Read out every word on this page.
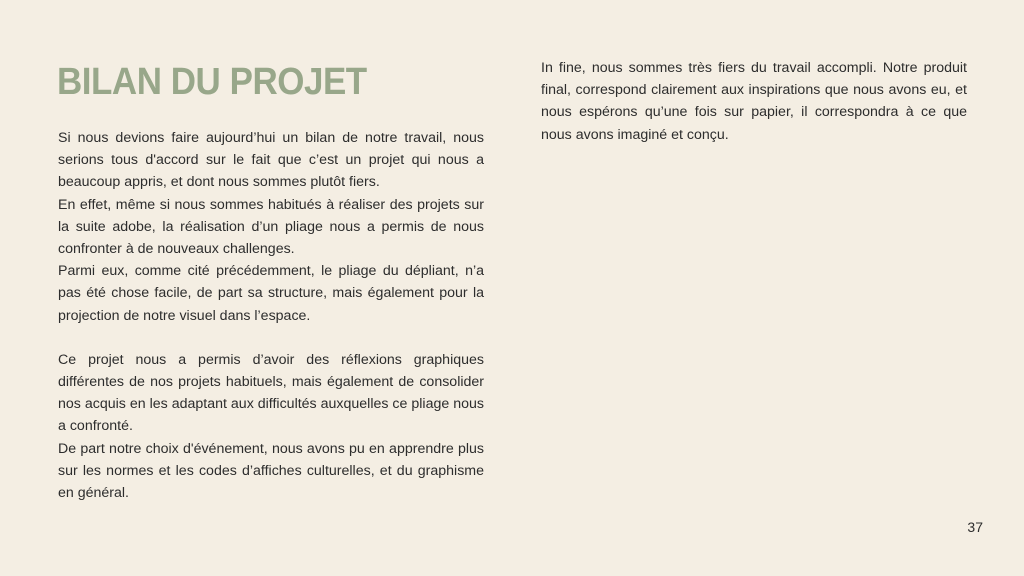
BILAN DU PROJET

Si nous devions faire aujourd’hui un bilan de notre travail, nous serions tous d'accord sur le fait que c’est un projet qui nous a beaucoup appris, et dont nous sommes plutôt fiers.

En effet, même si nous sommes habitués à réaliser des projets sur la suite adobe, la réalisation d’un pliage nous a permis de nous confronter à de nouveaux challenges.

Parmi eux, comme cité précédemment, le pliage du dépliant, n’a pas été chose facile, de part sa structure, mais également pour la projection de notre visuel dans l’espace.

Ce projet nous a permis d’avoir des réflexions graphiques différentes de nos projets habituels, mais également de consolider nos acquis en les adaptant aux difficultés auxquelles ce pliage nous a confronté.

De part notre choix d'événement, nous avons pu en apprendre plus sur les normes et les codes d’affiches culturelles, et du graphisme en général.

In fine, nous sommes très fiers du travail accompli. Notre produit final, correspond clairement aux inspirations que nous avons eu, et nous espérons qu’une fois sur papier, il correspondra à ce que nous avons imaginé et conçu.

37
